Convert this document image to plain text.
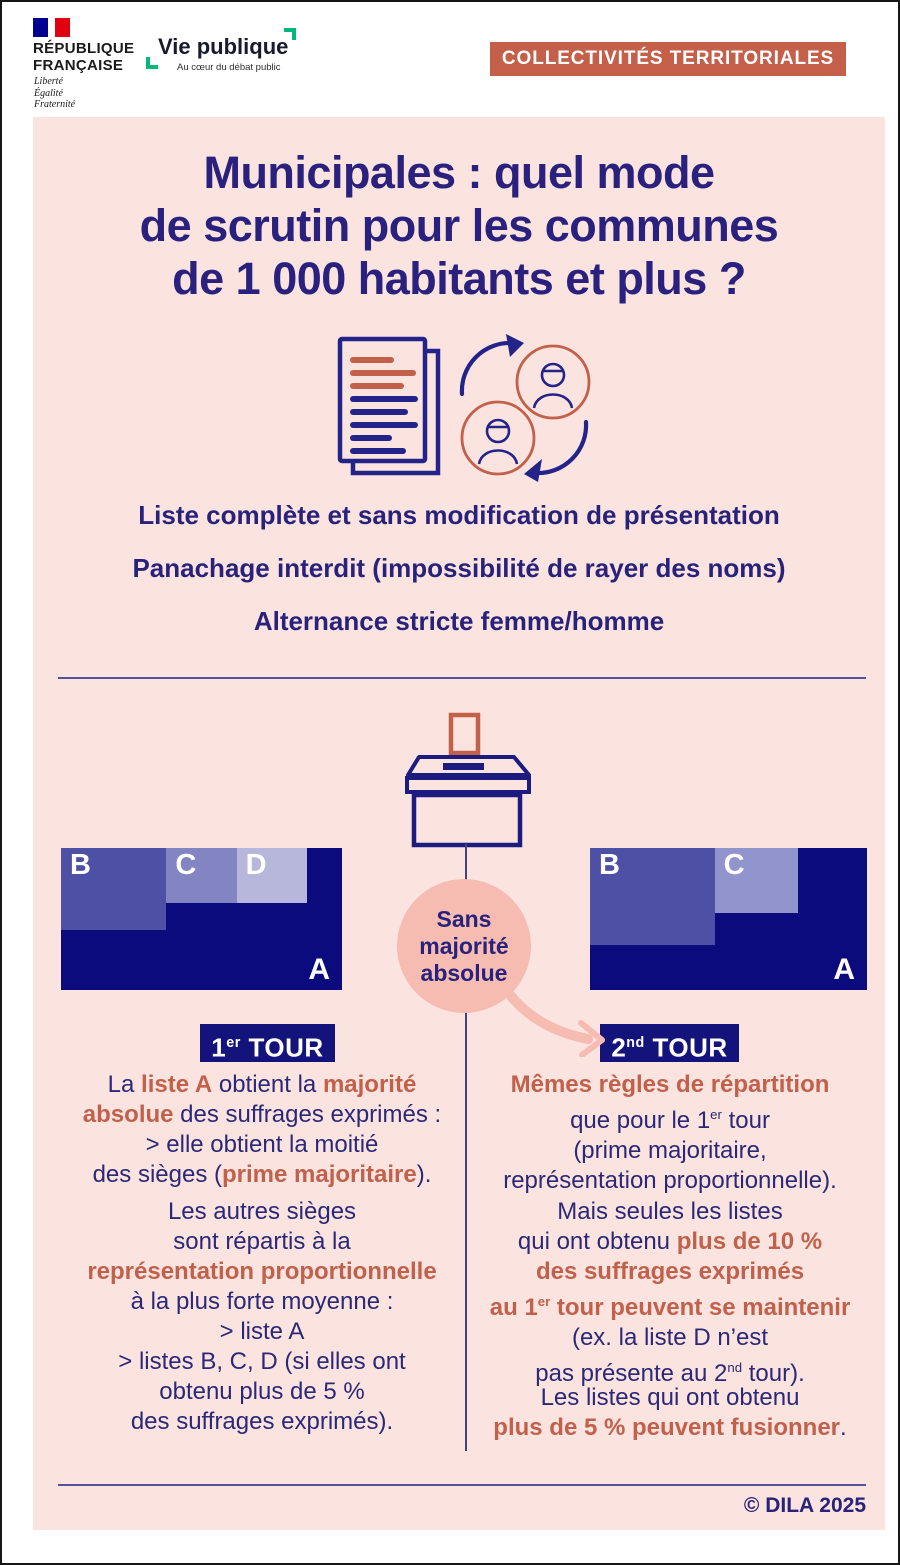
RÉPUBLIQUE
FRANÇAISE
Liberté
Égalité
Fraternité
Vie publique
Au cœur du débat public	COLLECTIVITÉS TERRITORIALES
Municipales : quel mode
de scrutin pour les communes
de 1 000 habitants et plus ?
Liste complète et sans modification de présentation
Panachage interdit (impossibilité de rayer des noms)
Alternance stricte femme/homme
B	C D
A
B	C
A
Sans
majorité
absolue
1er TOUR	2nd TOUR

La liste A obtient la majorité
absolue des suffrages exprimés :
> elle obtient la moitié
des sièges (prime majoritaire).

Les autres sièges
sont répartis à la
représentation proportionnelle
à la plus forte moyenne :
> liste A
> listes B, C, D (si elles ont
obtenu plus de 5 %
des suffrages exprimés).

Mêmes règles de répartition
que pour le 1er tour
(prime majoritaire,
représentation proportionnelle).

Mais seules les listes
qui ont obtenu plus de 10 %
des suffrages exprimés
au 1er tour peuvent se maintenir
(ex. la liste D n’est
pas présente au 2nd tour).

Les listes qui ont obtenu
plus de 5 % peuvent fusionner.

© DILA 2025
